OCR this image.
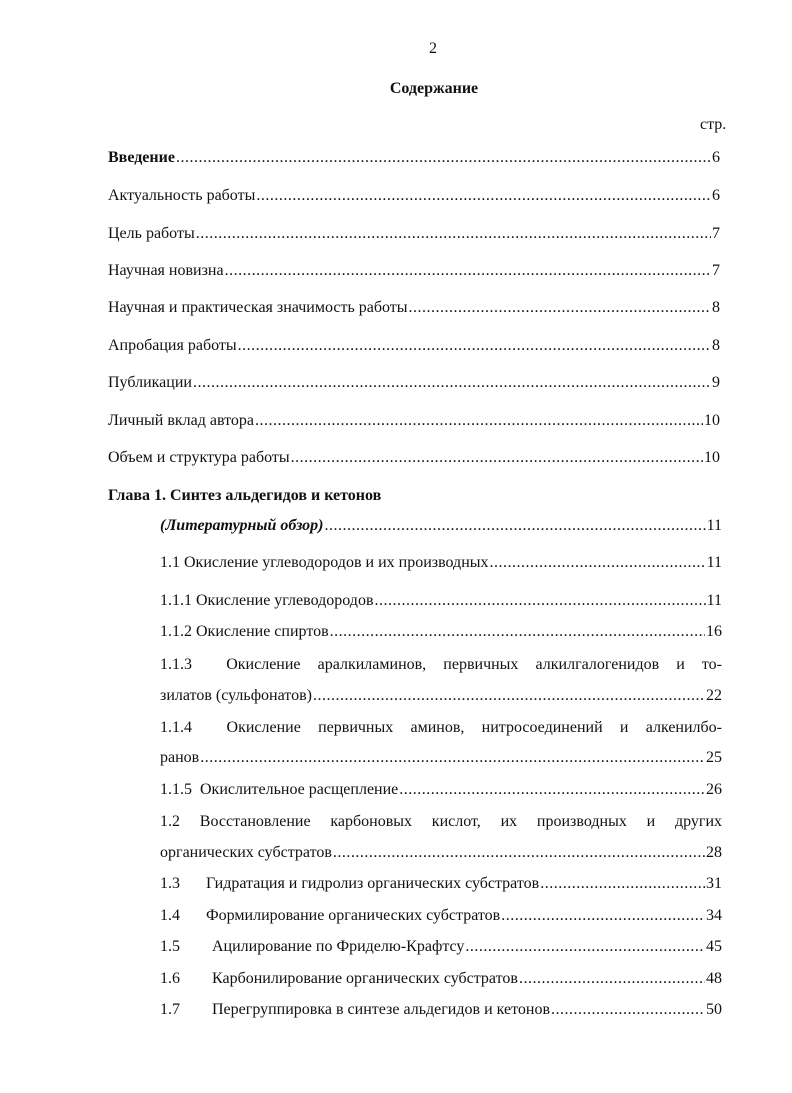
2
Содержание
стр.
Введение .....	6
Актуальность работы .....	6
Цель работы .....	7
Научная новизна .....	7
Научная и практическая значимость работы .....	8
Апробация работы .....	8
Публикации .....	9
Личный вклад автора .....	10
Объем и структура работы .....	10
Глава 1. Синтез альдегидов и кетонов
(Литературный обзор) .....	11
1.1 Окисление углеводородов и их производных .....	11
1.1.1 Окисление углеводородов .....	11
1.1.2 Окисление спиртов .....	16
1.1.3 Окисление аралкиламинов, первичных алкилгалогенидов и то-
зилатов (сульфонатов) .....	22
1.1.4 Окисление первичных аминов, нитросоединений и алкенилбо-
ранов .....	25
1.1.5 Окислительное расщепление .....	26
1.2 Восстановление карбоновых кислот, их производных и других
органических субстратов .....	28
1.3 Гидратация и гидролиз органических субстратов .....	31
1.4 Формилирование органических субстратов .....	34
1.5 Ацилирование по Фриделю-Крафтсу .....	45
1.6 Карбонилирование органических субстратов .....	48
1.7 Перегруппировка в синтезе альдегидов и кетонов .....	50
